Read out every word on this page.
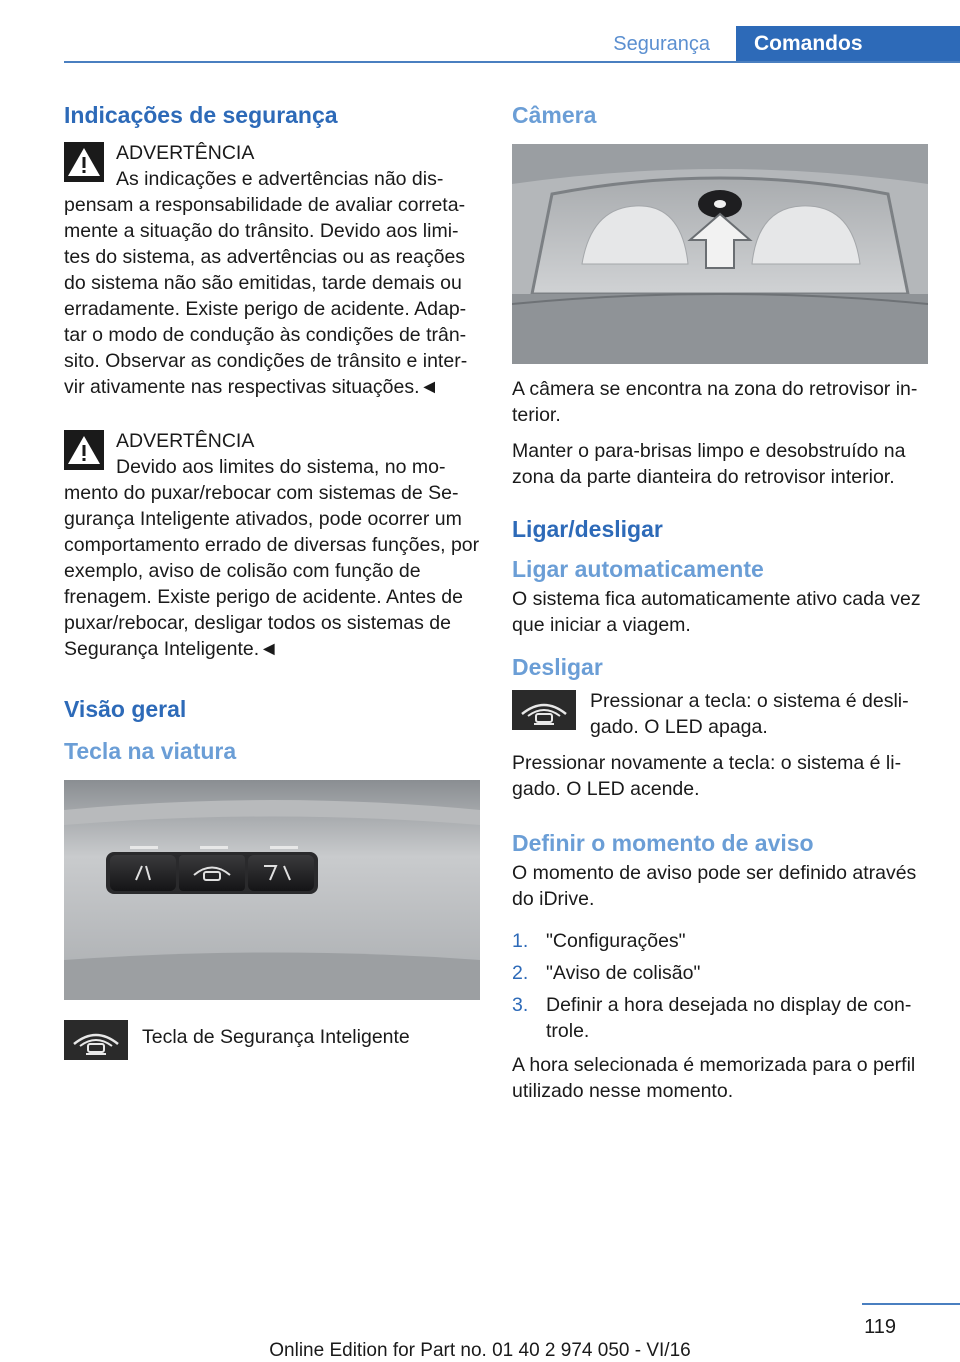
Segurança	Comandos
Indicações de segurança
ADVERTÊNCIA
As indicações e advertências não dis- pensam a responsabilidade de avaliar correta- mente a situação do trânsito. Devido aos limi- tes do sistema, as advertências ou as reações do sistema não são emitidas, tarde demais ou erradamente. Existe perigo de acidente. Adap- tar o modo de condução às condições de trân- sito. Observar as condições de trânsito e inter- vir ativamente nas respectivas situações.◄
ADVERTÊNCIA
Devido aos limites do sistema, no mo- mento do puxar/rebocar com sistemas de Se- gurança Inteligente ativados, pode ocorrer um comportamento errado de diversas funções, por exemplo, aviso de colisão com função de frenagem. Existe perigo de acidente. Antes de puxar/rebocar, desligar todos os sistemas de Segurança Inteligente.◄
Visão geral
Tecla na viatura
Tecla de Segurança Inteligente
Câmera
A câmera se encontra na zona do retrovisor in- terior.
Manter o para-brisas limpo e desobstruído na zona da parte dianteira do retrovisor interior.
Ligar/desligar
Ligar automaticamente
O sistema fica automaticamente ativo cada vez que iniciar a viagem.
Desligar
Pressionar a tecla: o sistema é desli- gado. O LED apaga.
Pressionar novamente a tecla: o sistema é li- gado. O LED acende.
Definir o momento de aviso
O momento de aviso pode ser definido através do iDrive.
1. "Configurações"
2. "Aviso de colisão"
3. Definir a hora desejada no display de con- trole.
A hora selecionada é memorizada para o perfil utilizado nesse momento.
119
Online Edition for Part no. 01 40 2 974 050 - VI/16
